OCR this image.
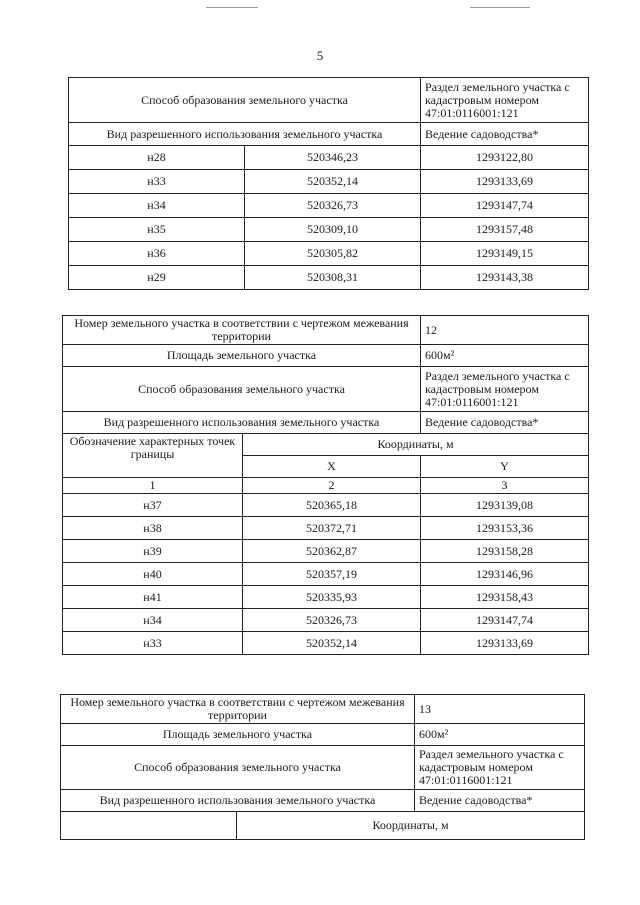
5
Способ образования земельного участка		Раздел земельного участка с кадастровым номером 47:01:0116001:121
Вид разрешенного использования земельного участка		Ведение садоводства*
н28	520346,23	1293122,80
н33	520352,14	1293133,69
н34	520326,73	1293147,74
н35	520309,10	1293157,48
н36	520305,82	1293149,15
н29	520308,31	1293143,38
Номер земельного участка в соответствии с чертежом межевания территории		12
Площадь земельного участка		600м²
Способ образования земельного участка		Раздел земельного участка с кадастровым номером 47:01:0116001:121
Вид разрешенного использования земельного участка		Ведение садоводства*
Обозначение характерных точек границы	Координаты, м	
	X	Y
1	2	3
н37	520365,18	1293139,08
н38	520372,71	1293153,36
н39	520362,87	1293158,28
н40	520357,19	1293146,96
н41	520335,93	1293158,43
н34	520326,73	1293147,74
н33	520352,14	1293133,69
Номер земельного участка в соответствии с чертежом межевания территории		13
Площадь земельного участка		600м²
Способ образования земельного участка		Раздел земельного участка с кадастровым номером 47:01:0116001:121
Вид разрешенного использования земельного участка		Ведение садоводства*
	Координаты, м	
